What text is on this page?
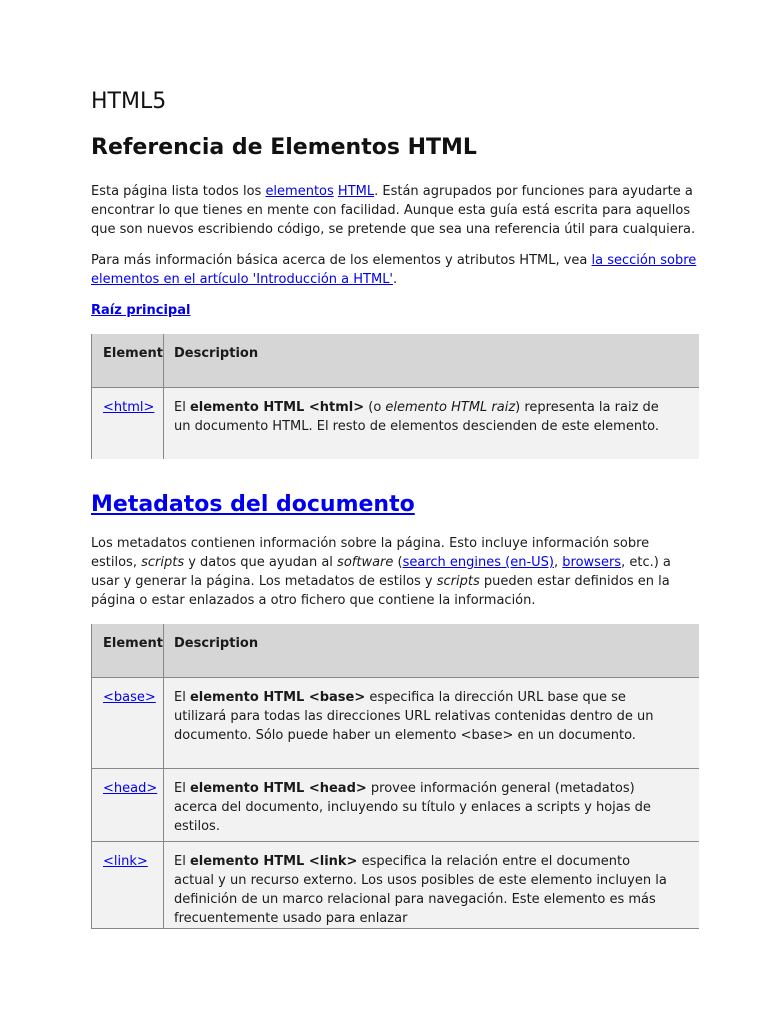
HTML5
Referencia de Elementos HTML

Esta página lista todos los elementos HTML. Están agrupados por funciones para ayudarte a encontrar lo que tienes en mente con facilidad. Aunque esta guía está escrita para aquellos que son nuevos escribiendo código, se pretende que sea una referencia útil para cualquiera.

Para más información básica acerca de los elementos y atributos HTML, vea la sección sobre elementos en el artículo 'Introducción a HTML'.

Raíz principal
Element	Description
<html>	El elemento HTML <html> (o elemento HTML raiz) representa la raiz de un documento HTML. El resto de elementos descienden de este elemento.
Metadatos del documento

Los metadatos contienen información sobre la página. Esto incluye información sobre estilos, scripts y datos que ayudan al software (search engines (en-US), browsers, etc.) a usar y generar la página. Los metadatos de estilos y scripts pueden estar definidos en la página o estar enlazados a otro fichero que contiene la información.

Element	Description
<base>	El elemento HTML <base> especifica la dirección URL base que se utilizará para todas las direcciones URL relativas contenidas dentro de un documento. Sólo puede haber un elemento <base> en un documento.
<head>	El elemento HTML <head> provee información general (metadatos) acerca del documento, incluyendo su título y enlaces a scripts y hojas de estilos.
<link>	El elemento HTML <link> especifica la relación entre el documento actual y un recurso externo. Los usos posibles de este elemento incluyen la definición de un marco relacional para navegación. Este elemento es más frecuentemente usado para enlazar
